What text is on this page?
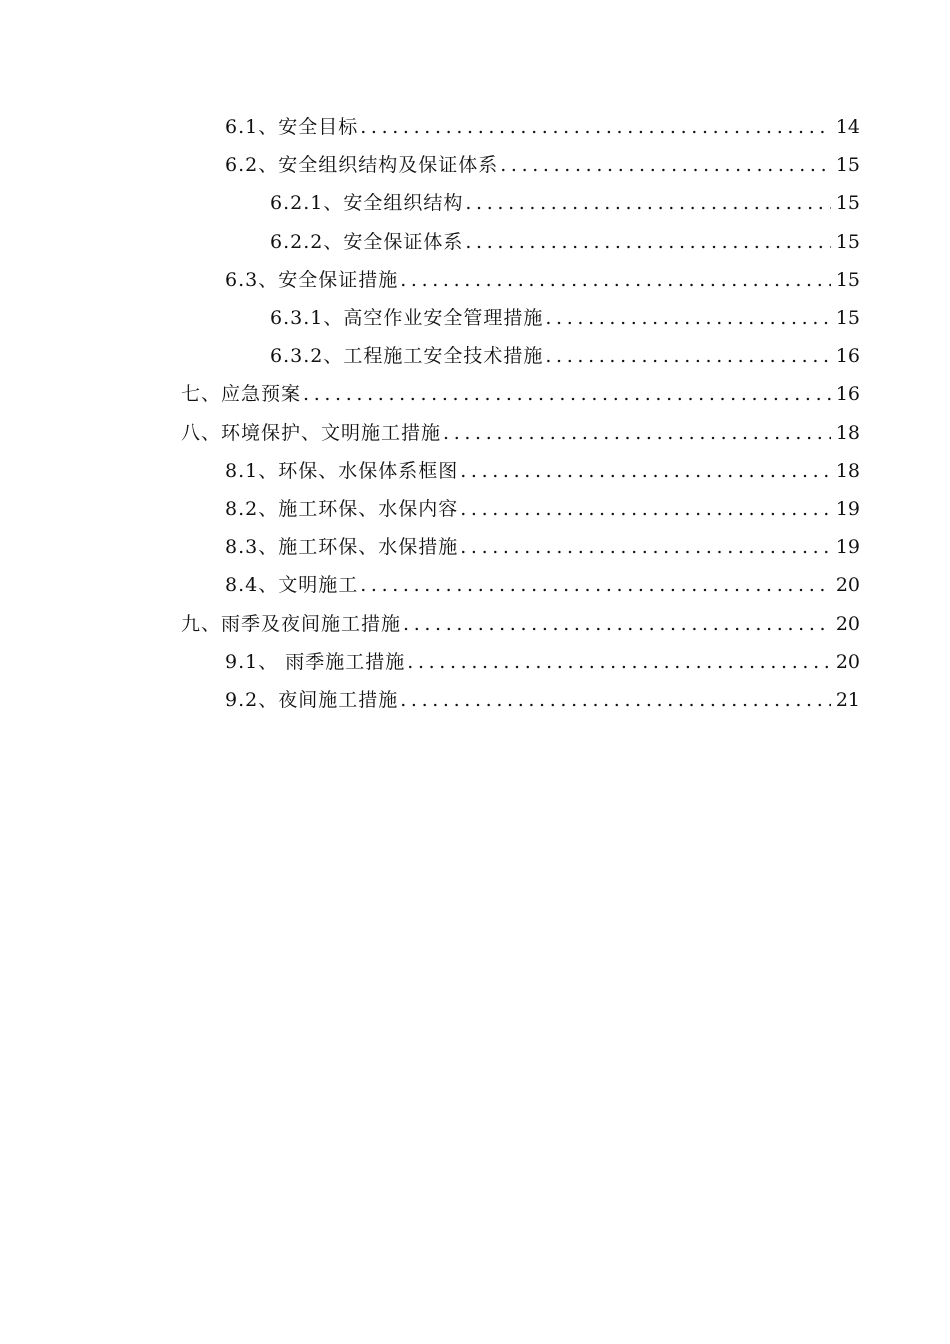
6.1、安全目标 . . .	14
6.2、安全组织结构及保证体系 . . .	15
6.2.1、安全组织结构 . . .	15
6.2.2、安全保证体系 . . .	15
6.3、安全保证措施 . . .	15
6.3.1、高空作业安全管理措施 . . .	15
6.3.2、工程施工安全技术措施 . . .	16
七、应急预案 . . .	16
八、环境保护、文明施工措施 . . .	18
8.1、环保、水保体系框图 . . .	18
8.2、施工环保、水保内容 . . .	19
8.3、施工环保、水保措施 . . .	19
8.4、文明施工 . . .	20
九、雨季及夜间施工措施 . . .	20
9.1、 雨季施工措施 . . .	20
9.2、夜间施工措施 . . .	21
